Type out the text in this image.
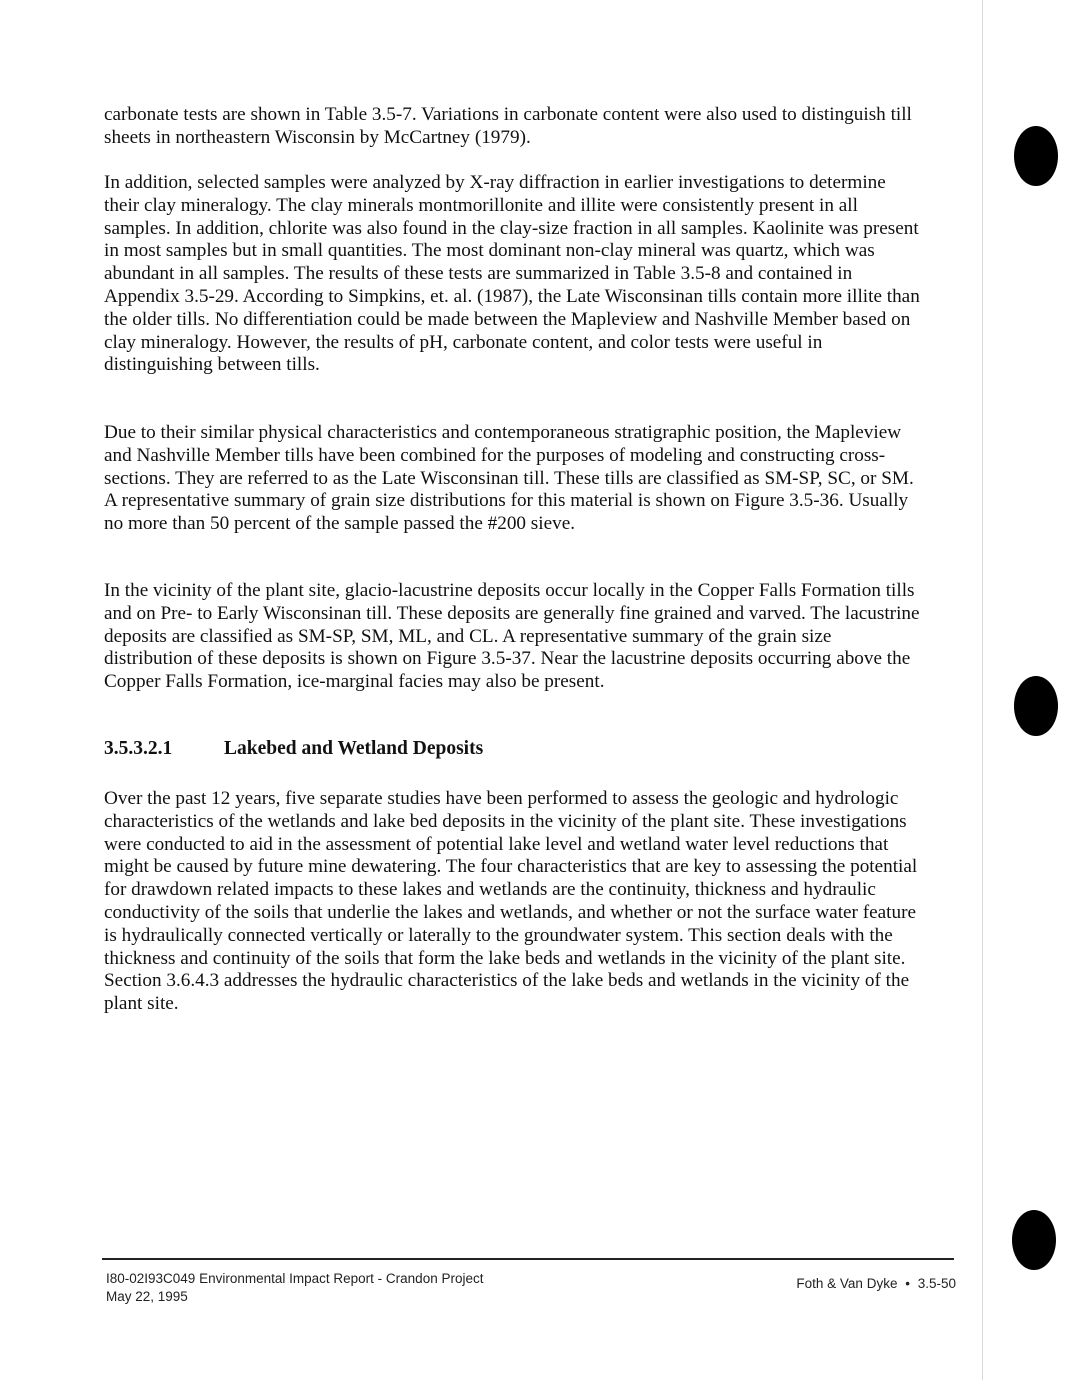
carbonate tests are shown in Table 3.5-7. Variations in carbonate content were also used to distinguish till sheets in northeastern Wisconsin by McCartney (1979).

In addition, selected samples were analyzed by X-ray diffraction in earlier investigations to determine their clay mineralogy. The clay minerals montmorillonite and illite were consistently present in all samples. In addition, chlorite was also found in the clay-size fraction in all samples. Kaolinite was present in most samples but in small quantities. The most dominant non-clay mineral was quartz, which was abundant in all samples. The results of these tests are summarized in Table 3.5-8 and contained in Appendix 3.5-29. According to Simpkins, et. al. (1987), the Late Wisconsinan tills contain more illite than the older tills. No differentiation could be made between the Mapleview and Nashville Member based on clay mineralogy. However, the results of pH, carbonate content, and color tests were useful in distinguishing between tills.

Due to their similar physical characteristics and contemporaneous stratigraphic position, the Mapleview and Nashville Member tills have been combined for the purposes of modeling and constructing cross-sections. They are referred to as the Late Wisconsinan till. These tills are classified as SM-SP, SC, or SM. A representative summary of grain size distributions for this material is shown on Figure 3.5-36. Usually no more than 50 percent of the sample passed the #200 sieve.

In the vicinity of the plant site, glacio-lacustrine deposits occur locally in the Copper Falls Formation tills and on Pre- to Early Wisconsinan till. These deposits are generally fine grained and varved. The lacustrine deposits are classified as SM-SP, SM, ML, and CL. A representative summary of the grain size distribution of these deposits is shown on Figure 3.5-37. Near the lacustrine deposits occurring above the Copper Falls Formation, ice-marginal facies may also be present.

3.5.3.2.1	Lakebed and Wetland Deposits

Over the past 12 years, five separate studies have been performed to assess the geologic and hydrologic characteristics of the wetlands and lake bed deposits in the vicinity of the plant site. These investigations were conducted to aid in the assessment of potential lake level and wetland water level reductions that might be caused by future mine dewatering. The four characteristics that are key to assessing the potential for drawdown related impacts to these lakes and wetlands are the continuity, thickness and hydraulic conductivity of the soils that underlie the lakes and wetlands, and whether or not the surface water feature is hydraulically connected vertically or laterally to the groundwater system. This section deals with the thickness and continuity of the soils that form the lake beds and wetlands in the vicinity of the plant site. Section 3.6.4.3 addresses the hydraulic characteristics of the lake beds and wetlands in the vicinity of the plant site.

I80-02I93C049 Environmental Impact Report - Crandon Project
May 22, 1995
Foth & Van Dyke • 3.5-50
